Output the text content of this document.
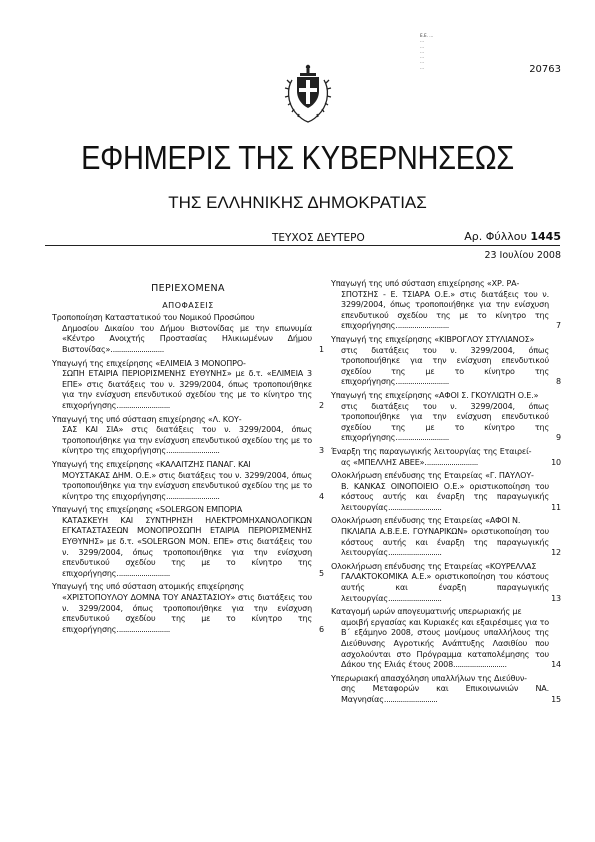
Ε.Ε. ...
...
...
...
...
...
...	20763
ΕΦΗΜΕΡΙΣ ΤΗΣ ΚΥΒΕΡΝΗΣΕΩΣ
ΤΗΣ ΕΛΛΗΝΙΚΗΣ ΔΗΜΟΚΡΑΤΙΑΣ
ΤΕΥΧΟΣ ΔΕΥΤΕΡΟ	Αρ. Φύλλου 1445
23 Ιουλίου 2008
ΠΕΡΙΕΧΟΜΕΝΑ
ΑΠΟΦΑΣΕΙΣ
Τροποποίηση Καταστατικού του Νομικού Προσώπου
Δημοσίου Δικαίου του Δήμου Βιστονίδας με την επωνυμία «Κέντρο Ανοιχτής Προστασίας Ηλικιωμένων Δήμου Βιστονίδας»..........................	1
Υπαγωγή της επιχείρησης «ΕΛΙΜΕΙΑ 3 ΜΟΝΟΠΡΟ-
ΣΩΠΗ ΕΤΑΙΡΙΑ ΠΕΡΙΟΡΙΣΜΕΝΗΣ ΕΥΘΥΝΗΣ» με δ.τ. «ΕΛΙΜΕΙΑ 3 ΕΠΕ» στις διατάξεις του ν. 3299/2004, όπως τροποποιήθηκε για την ενίσχυση επενδυτικού σχεδίου της με το κίνητρο της επιχορήγησης..........................	2
Υπαγωγή της υπό σύσταση επιχείρησης «Λ. ΚΟΥ-
ΣΑΣ ΚΑΙ ΣΙΑ» στις διατάξεις του ν. 3299/2004, όπως τροποποιήθηκε για την ενίσχυση επενδυτικού σχεδίου της με το κίνητρο της επιχορήγησης..........................	3
Υπαγωγή της επιχείρησης «ΚΑΛΑΙΤΖΗΣ ΠΑΝΑΓ. ΚΑΙ
ΜΟΥΣΤΑΚΑΣ ΔΗΜ. Ο.Ε.» στις διατάξεις του ν. 3299/2004, όπως τροποποιήθηκε για την ενίσχυση επενδυτικού σχεδίου της με το κίνητρο της επιχορήγησης..........................	4
Υπαγωγή της επιχείρησης «SOLERGON ΕΜΠΟΡΙΑ
ΚΑΤΑΣΚΕΥΗ ΚΑΙ ΣΥΝΤΗΡΗΣΗ ΗΛΕΚΤΡΟΜΗΧΑΝΟΛΟΓΙΚΩΝ ΕΓΚΑΤΑΣΤΑΣΕΩΝ ΜΟΝΟΠΡΟΣΩΠΗ ΕΤΑΙΡΙΑ ΠΕΡΙΟΡΙΣΜΕΝΗΣ ΕΥΘΥΝΗΣ» με δ.τ. «SOLERGON ΜΟΝ. ΕΠΕ» στις διατάξεις του ν. 3299/2004, όπως τροποποιήθηκε για την ενίσχυση επενδυτικού σχεδίου της με το κίνητρο της επιχορήγησης..........................	5
Υπαγωγή της υπό σύσταση ατομικής επιχείρησης
«ΧΡΙΣΤΟΠΟΥΛΟΥ ΔΟΜΝΑ ΤΟΥ ΑΝΑΣΤΑΣΙΟΥ» στις διατάξεις του ν. 3299/2004, όπως τροποποιήθηκε για την ενίσχυση επενδυτικού σχεδίου της με το κίνητρο της επιχορήγησης..........................	6
Υπαγωγή της υπό σύσταση επιχείρησης «ΧΡ. ΡΑ-
ΣΠΟΤΣΗΣ - Ε. ΤΣΙΑΡΑ Ο.Ε.» στις διατάξεις του ν. 3299/2004, όπως τροποποιήθηκε για την ενίσχυση επενδυτικού σχεδίου της με το κίνητρο της επιχορήγησης..........................	7
Υπαγωγή της επιχείρησης «ΚΙΒΡΟΓΛΟΥ ΣΤΥΛΙΑΝΟΣ»
στις διατάξεις του ν. 3299/2004, όπως τροποποιήθηκε για την ενίσχυση επενδυτικού σχεδίου της με το κίνητρο της επιχορήγησης..........................	8
Υπαγωγή της επιχείρησης «ΑΦΟΙ Σ. ΓΚΟΥΛΙΩΤΗ Ο.Ε.»
στις διατάξεις του ν. 3299/2004, όπως τροποποιήθηκε για την ενίσχυση επενδυτικού σχεδίου της με το κίνητρο της επιχορήγησης..........................	9
Έναρξη της παραγωγικής λειτουργίας της Εταιρεί-
ας «ΜΠΕΛΛΗΣ ΑΒΕΕ»..........................	10
Ολοκλήρωση επένδυσης της Εταιρείας «Γ. ΠΑΥΛΟΥ-
Β. ΚΑΝΚΑΣ ΟΙΝΟΠΟΙΕΙΟ Ο.Ε.» οριστικοποίηση του κόστους αυτής και έναρξη της παραγωγικής λειτουργίας..........................	11
Ολοκλήρωση επένδυσης της Εταιρείας «ΑΦΟΙ Ν.
ΠΚΛΙΑΠΑ Α.Β.Ε.Ε. ΓΟΥΝΑΡΙΚΩΝ» οριστικοποίηση του κόστους αυτής και έναρξη της παραγωγικής λειτουργίας..........................	12
Ολοκλήρωση επένδυσης της Εταιρείας «ΚΟΥΡΕΛΛΑΣ
ΓΑΛΑΚΤΟΚΟΜΙΚΑ Α.Ε.» οριστικοποίηση του κόστους αυτής και έναρξη παραγωγικής λειτουργίας..........................	13
Καταγομή ωρών απογευματινής υπερωριακής με
αμοιβή εργασίας και Κυριακές και εξαιρέσιμες για το Β΄ εξάμηνο 2008, στους μονίμους υπαλλήλους της Διεύθυνσης Αγροτικής Ανάπτυξης Λασιθίου που ασχολούνται στο Πρόγραμμα καταπολέμησης του Δάκου της Ελιάς έτους 2008..........................	14
Υπερωριακή απασχόληση υπαλλήλων της Διεύθυν-
σης Μεταφορών και Επικοινωνιών ΝΑ. Μαγνησίας..........................	15
